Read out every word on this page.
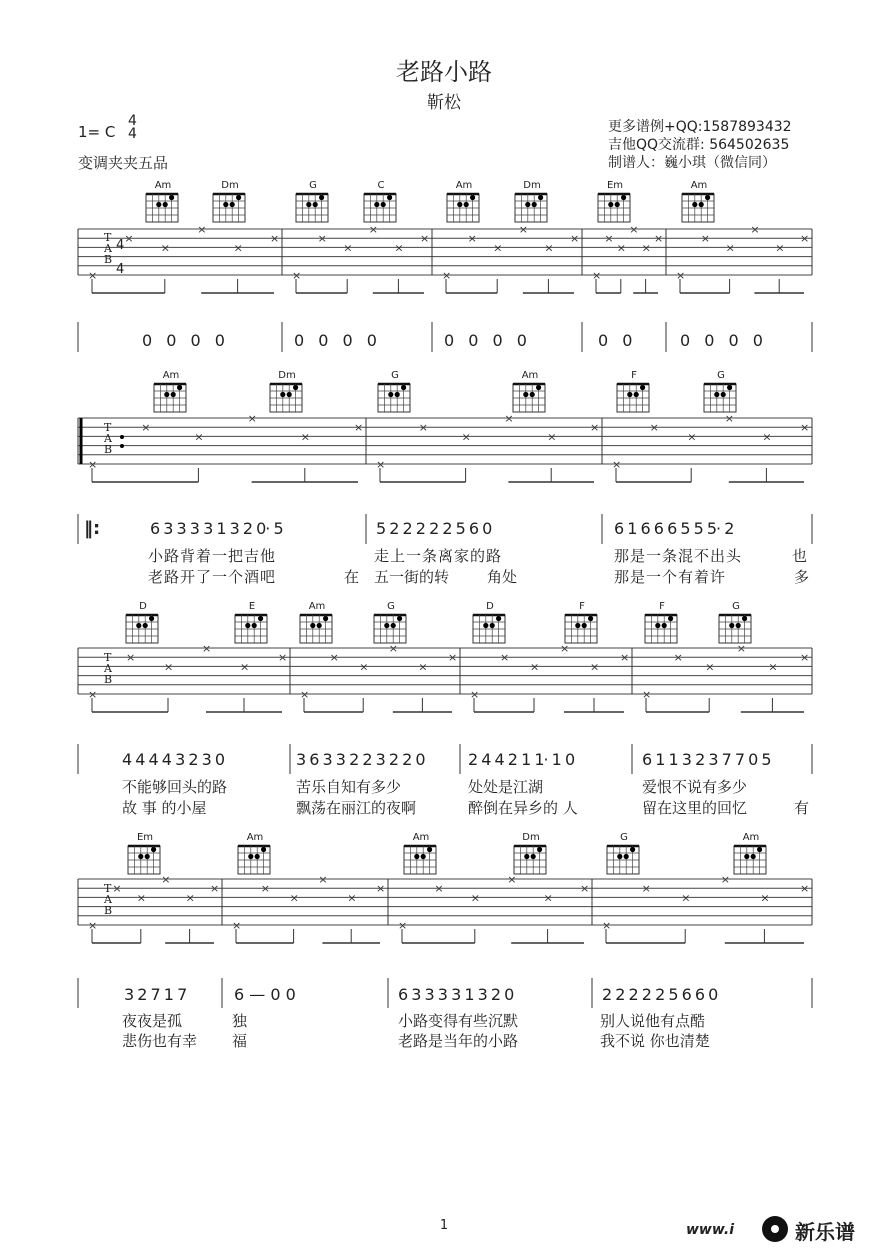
老路小路
靳松
1= C
4
4
变调夹夹五品
更多谱例+QQ:1587893432
吉他QQ交流群: 564502635
制谱人：巍小琪（微信同）
×
×
×
×
×
×
×
×
×
×
×
×
×
×
×
×
×
×
×
×
×
×
×
×
×
×
×
×
×
×
×
×
×
×
×
×
×
×
×
×
×
×
×
×
×
×
×
×
×
×
×
×
×
×
×
×
×
×
×
×
×
×
×
×
×
×
×
×
×
×
×
×
×
×
×
×
×
×
×
×
×
×
×
×
×
×
×
×
×
×
×
×
×
×
×
×
Am	Dm	G	C	Am	Dm	Em	Am
Am	Dm	G	Am	F	G
D	E	Am	G	D	F	F	G
Em	Am	Am	Dm	G	Am
T
A
B
4
4
T
A
B
T
A
B
T
A
B
0 0 0 0	0 0 0 0	0 0 0 0	0 0	0 0 0 0
‖:	6 3 3 3 3 1 3 2 0· 5	5 2 2 2 2 2 5 6 0	6 1 6 6 6 5 5 5· 2
小路背着一把吉他	走上一条离家的路	那是一条混不出头	也
老路开了一个酒吧	在 五一街的转	角处	那是一个有着许	多
4 4 4 4 3 2 3 0	3 6 3 3 2 2 3 2 2 0	2 4 4 2 1 1· 1 0	6 1 1 3 2 3 7 7 0 5
不能够回头的路	苦乐自知有多少	处处是江湖	爱恨不说有多少
故 事 的小屋	飘荡在丽江的夜啊	醉倒在异乡的 人	留在这里的回忆	有
3 2 7 1 7	6 — 0 0	6 3 3 3 3 1 3 2 0	2 2 2 2 2 5 6 6 0
夜夜是孤	独	小路变得有些沉默	别人说他有点酷
悲伤也有幸 福	老路是当年的小路	我不说 你也清楚
1	www.i	新乐谱
